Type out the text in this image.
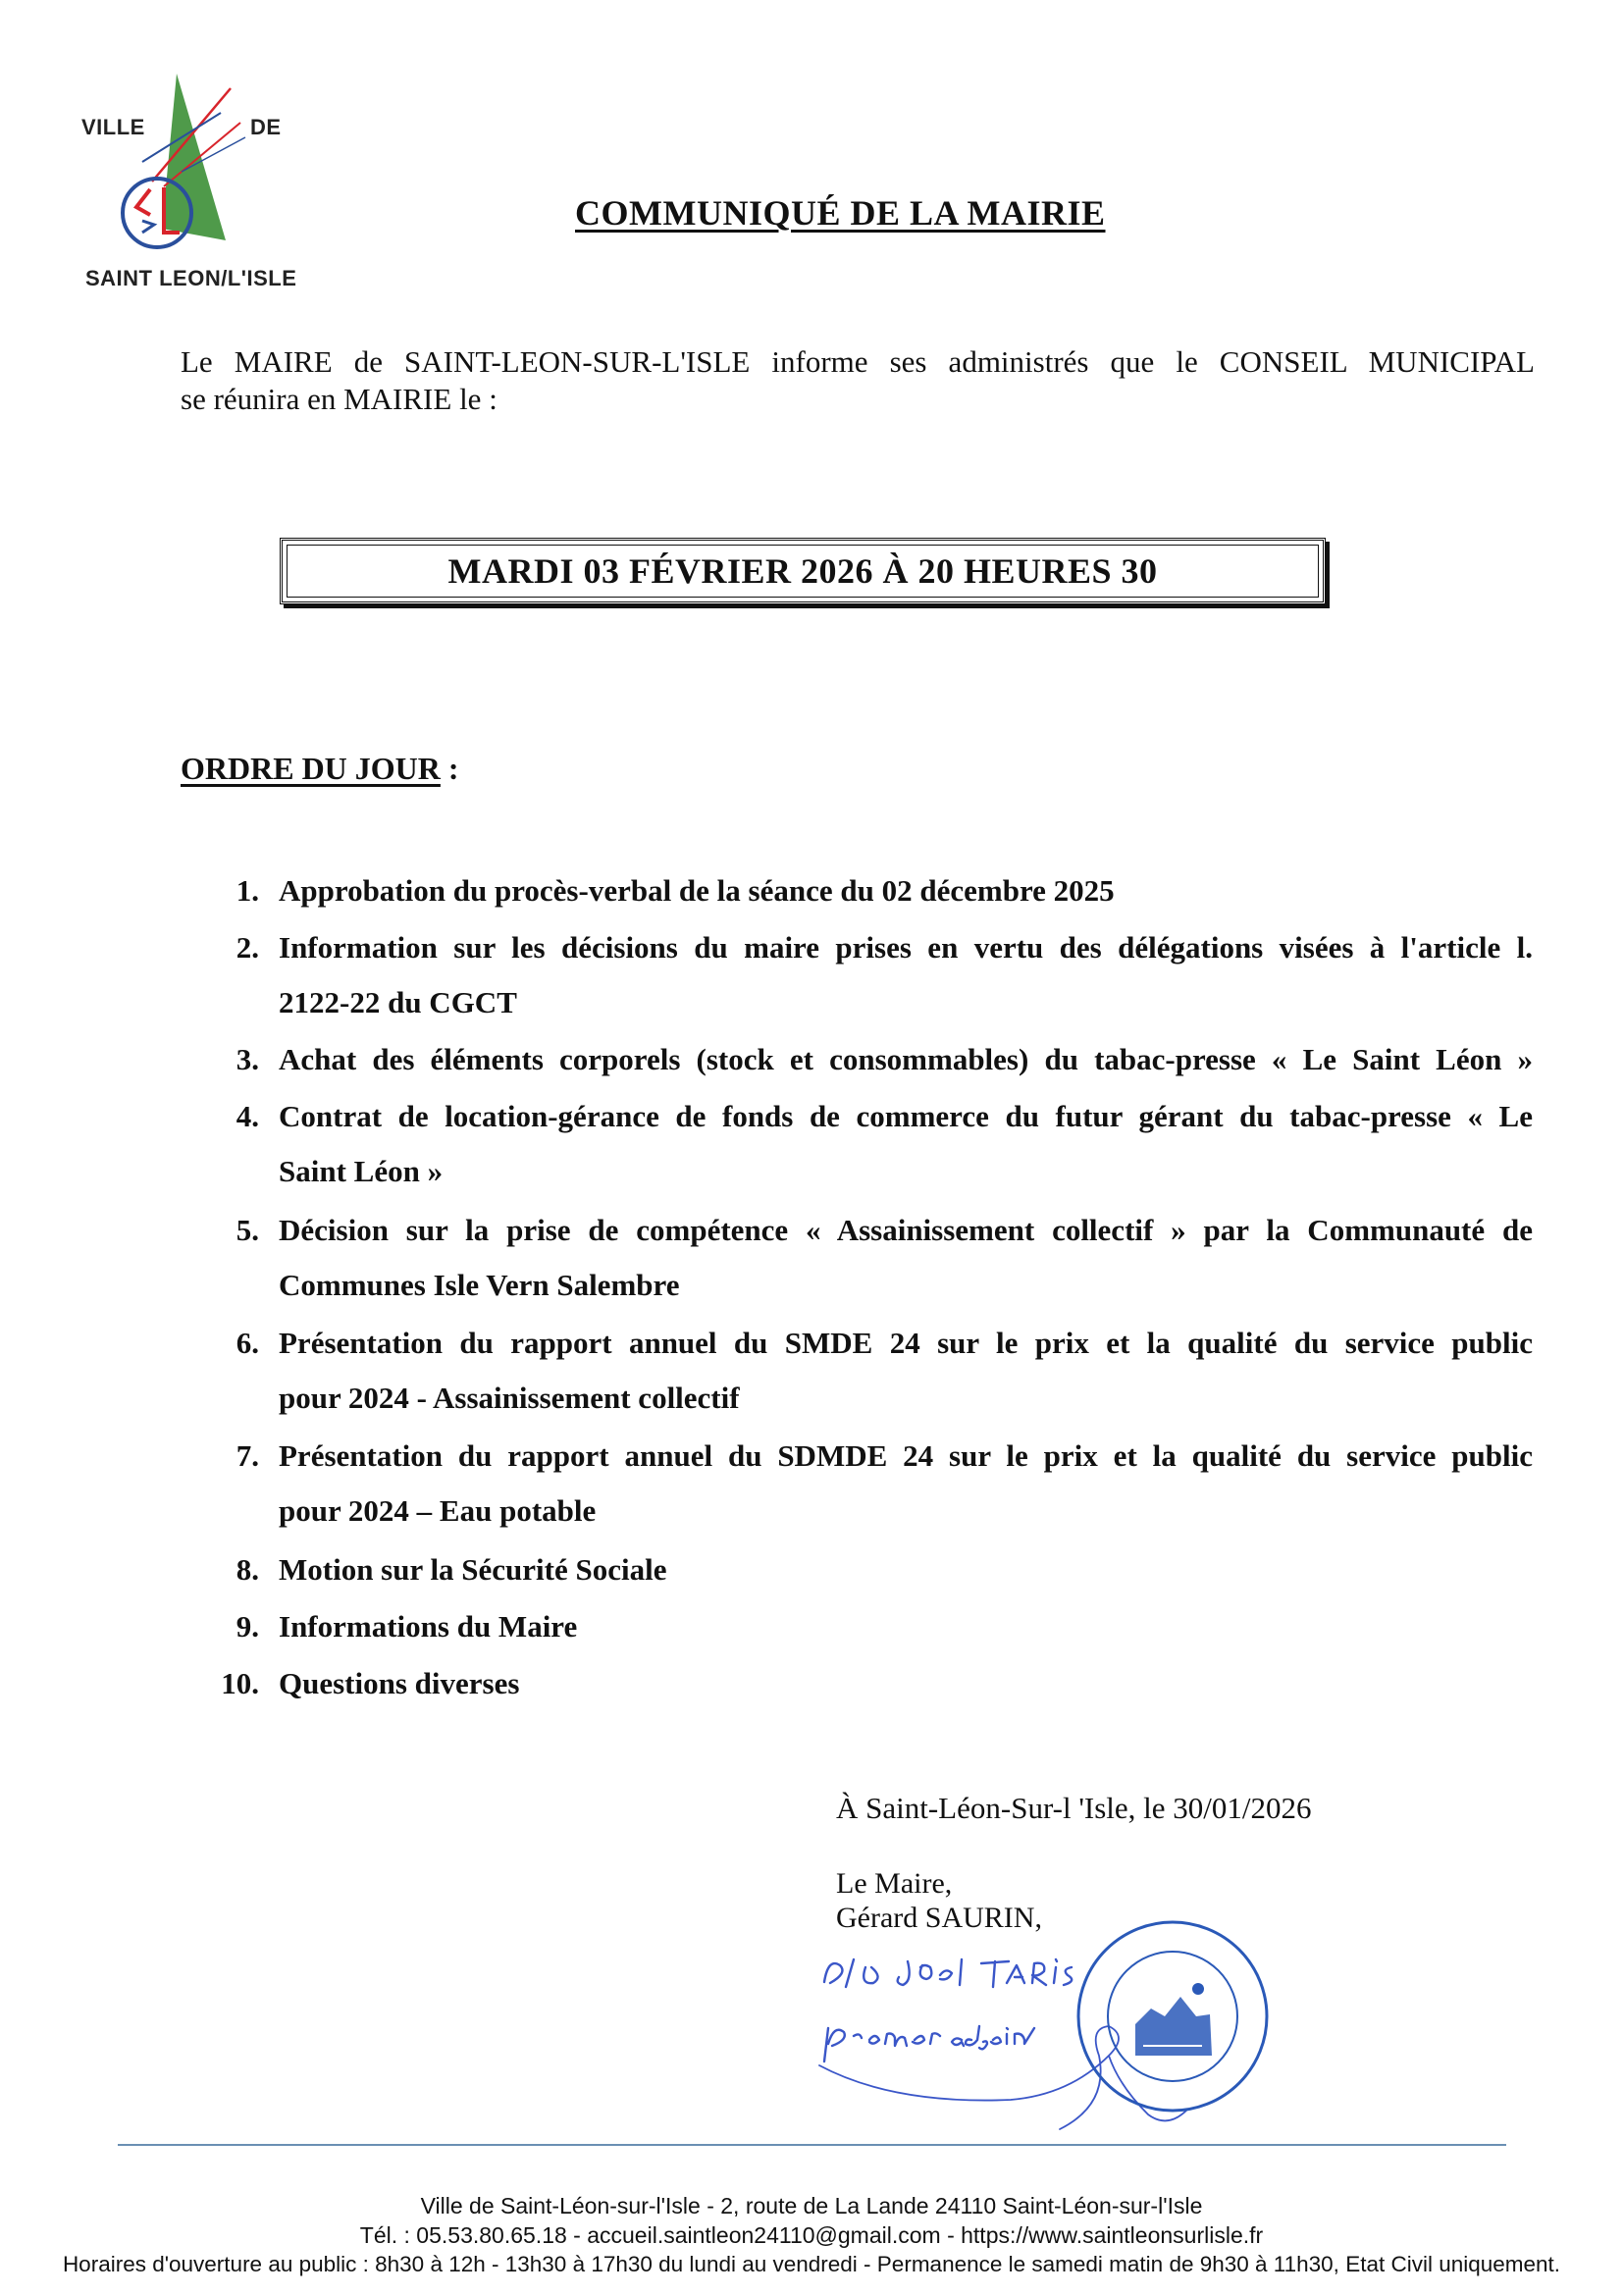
VILLE	DE
SAINT LEON/L'ISLE
COMMUNIQUÉ DE LA MAIRIE
Le MAIRE de SAINT-LEON-SUR-L'ISLE informe ses administrés que le CONSEIL MUNICIPAL
se réunira en MAIRIE le :
MARDI 03 FÉVRIER 2026 À 20 HEURES 30
ORDRE DU JOUR :
1. Approbation du procès-verbal de la séance du 02 décembre 2025
2. Information sur les décisions du maire prises en vertu des délégations visées à l'article l.
2122-22 du CGCT
3. Achat des éléments corporels (stock et consommables) du tabac-presse « Le Saint Léon »
4. Contrat de location-gérance de fonds de commerce du futur gérant du tabac-presse « Le
Saint Léon »
5. Décision sur la prise de compétence « Assainissement collectif » par la Communauté de
Communes Isle Vern Salembre
6. Présentation du rapport annuel du SMDE 24 sur le prix et la qualité du service public
pour 2024 - Assainissement collectif
7. Présentation du rapport annuel du SDMDE 24 sur le prix et la qualité du service public
pour 2024 – Eau potable
8. Motion sur la Sécurité Sociale
9. Informations du Maire
10. Questions diverses
À Saint-Léon-Sur-l 'Isle, le 30/01/2026
Le Maire,
Gérard SAURIN,
Ville de Saint-Léon-sur-l'Isle - 2, route de La Lande 24110 Saint-Léon-sur-l'Isle
Tél. : 05.53.80.65.18 - accueil.saintleon24110@gmail.com - https://www.saintleonsurlisle.fr
Horaires d'ouverture au public : 8h30 à 12h - 13h30 à 17h30 du lundi au vendredi - Permanence le samedi matin de 9h30 à 11h30, Etat Civil uniquement.
